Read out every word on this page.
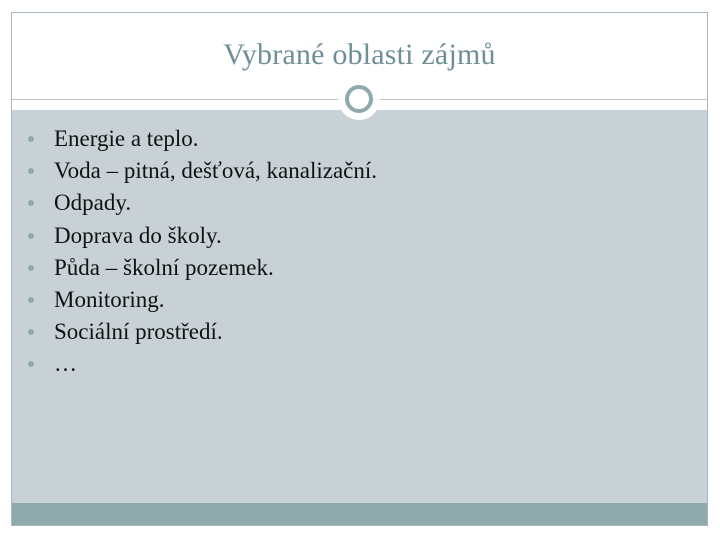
Vybrané oblasti zájmů
Energie a teplo.
Voda – pitná, dešťová, kanalizační.
Odpady.
Doprava do školy.
Půda – školní pozemek.
Monitoring.
Sociální prostředí.
…
